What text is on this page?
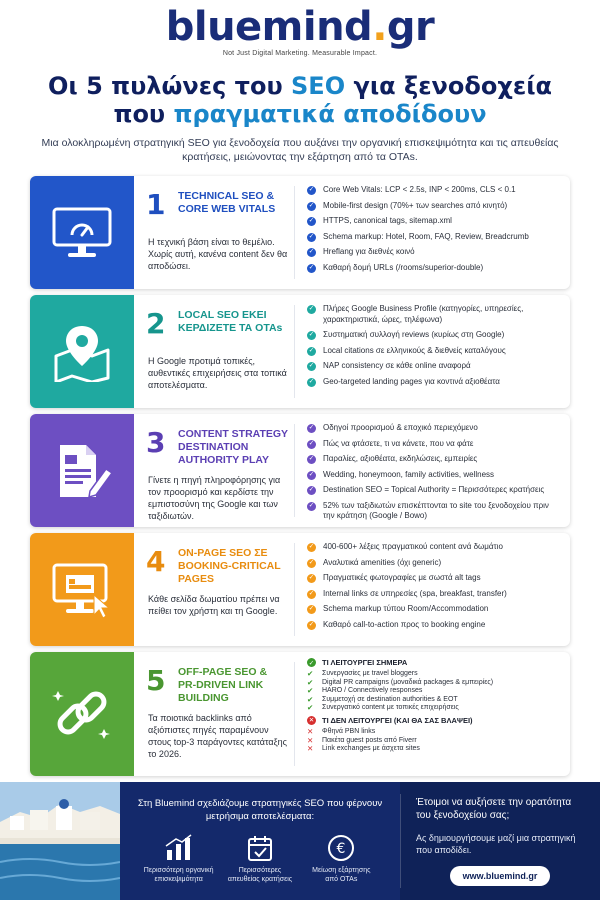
bluemind.gr
Not Just Digital Marketing. Measurable Impact.
Οι 5 πυλώνες του SEO για ξενοδοχεία
που πραγματικά αποδίδουν
Μια ολοκληρωμένη στρατηγική SEO για ξενοδοχεία που αυξάνει την οργανική επισκεψιμότητα και τις απευθείας κρατήσεις, μειώνοντας την εξάρτηση από τα OTAs.
1 TECHNICAL SEO & CORE WEB VITALS
Η τεχνική βάση είναι το θεμέλιο. Χωρίς αυτή, κανένα content δεν θα αποδώσει.
✓ Core Web Vitals: LCP < 2.5s, INP < 200ms, CLS < 0.1
✓ Mobile-first design (70%+ των searches από κινητό)
✓ HTTPS, canonical tags, sitemap.xml
✓ Schema markup: Hotel, Room, FAQ, Review, Breadcrumb
✓ Hreflang για διεθνές κοινό
✓ Καθαρή δομή URLs (/rooms/superior-double)
2 LOCAL SEO ΕΚΕΙ ΚΕΡΔΙΖΕΤΕ ΤΑ OTAs
Η Google προτιμά τοπικές, αυθεντικές επιχειρήσεις στα τοπικά αποτελέσματα.
✓ Πλήρες Google Business Profile (κατηγορίες, υπηρεσίες, χαρακτηριστικά, ώρες, τηλέφωνα)
✓ Συστηματική συλλογή reviews (κυρίως στη Google)
✓ Local citations σε ελληνικούς & διεθνείς καταλόγους
✓ NAP consistency σε κάθε online αναφορά
✓ Geo-targeted landing pages για κοντινά αξιοθέατα
3 CONTENT STRATEGY DESTINATION AUTHORITY PLAY
Γίνετε η πηγή πληροφόρησης για τον προορισμό και κερδίστε την εμπιστοσύνη της Google και των ταξιδιωτών.
✓ Οδηγοί προορισμού & εποχικό περιεχόμενο
✓ Πώς να φτάσετε, τι να κάνετε, που να φάτε
✓ Παραλίες, αξιοθέατα, εκδηλώσεις, εμπειρίες
✓ Wedding, honeymoon, family activities, wellness
✓ Destination SEO = Topical Authority = Περισσότερες κρατήσεις
✓ 52% των ταξιδιωτών επισκέπτονται το site του ξενοδοχείου πριν την κράτηση (Google / Bowo)
4 ON-PAGE SEO ΣΕ BOOKING-CRITICAL PAGES
Κάθε σελίδα δωματίου πρέπει να πείθει τον χρήστη και τη Google.
✓ 400-600+ λέξεις πραγματικού content ανά δωμάτιο
✓ Αναλυτικά amenities (όχι generic)
✓ Πραγματικές φωτογραφίες με σωστά alt tags
✓ Internal links σε υπηρεσίες (spa, breakfast, transfer)
✓ Schema markup τύπου Room/Accommodation
✓ Καθαρό call-to-action προς το booking engine
5 OFF-PAGE SEO & PR-DRIVEN LINK BUILDING
Τα ποιοτικά backlinks από αξιόπιστες πηγές παραμένουν στους top-3 παράγοντες κατάταξης το 2026.
✓ ΤΙ ΛΕΙΤΟΥΡΓΕΙ ΣΗΜΕΡΑ
✔	Συνεργασίες με travel bloggers
✔	Digital PR campaigns (μοναδικά packages & εμπειρίες)
✔	HARO / Connectively responses
✔	Συμμετοχή σε destination authorities & EOT
✔	Συνεργατικό content με τοπικές επιχειρήσεις
✕ ΤΙ ΔΕΝ ΛΕΙΤΟΥΡΓΕΙ (ΚΑΙ ΘΑ ΣΑΣ ΒΛΑΨΕΙ)
✕	Φθηνά PBN links
✕	Πακέτα guest posts από Fiverr
✕	Link exchanges με άσχετα sites
Στη Bluemind σχεδιάζουμε στρατηγικές SEO που φέρνουν μετρήσιμα αποτελέσματα:
Περισσότερη οργανική επισκεψιμότητα
Περισσότερες απευθείας κρατήσεις
€
Μείωση εξάρτησης από OTAs
Έτοιμοι να αυξήσετε την ορατότητα του ξενοδοχείου σας;
Ας δημιουργήσουμε μαζί μια στρατηγική που αποδίδει.
www.bluemind.gr
